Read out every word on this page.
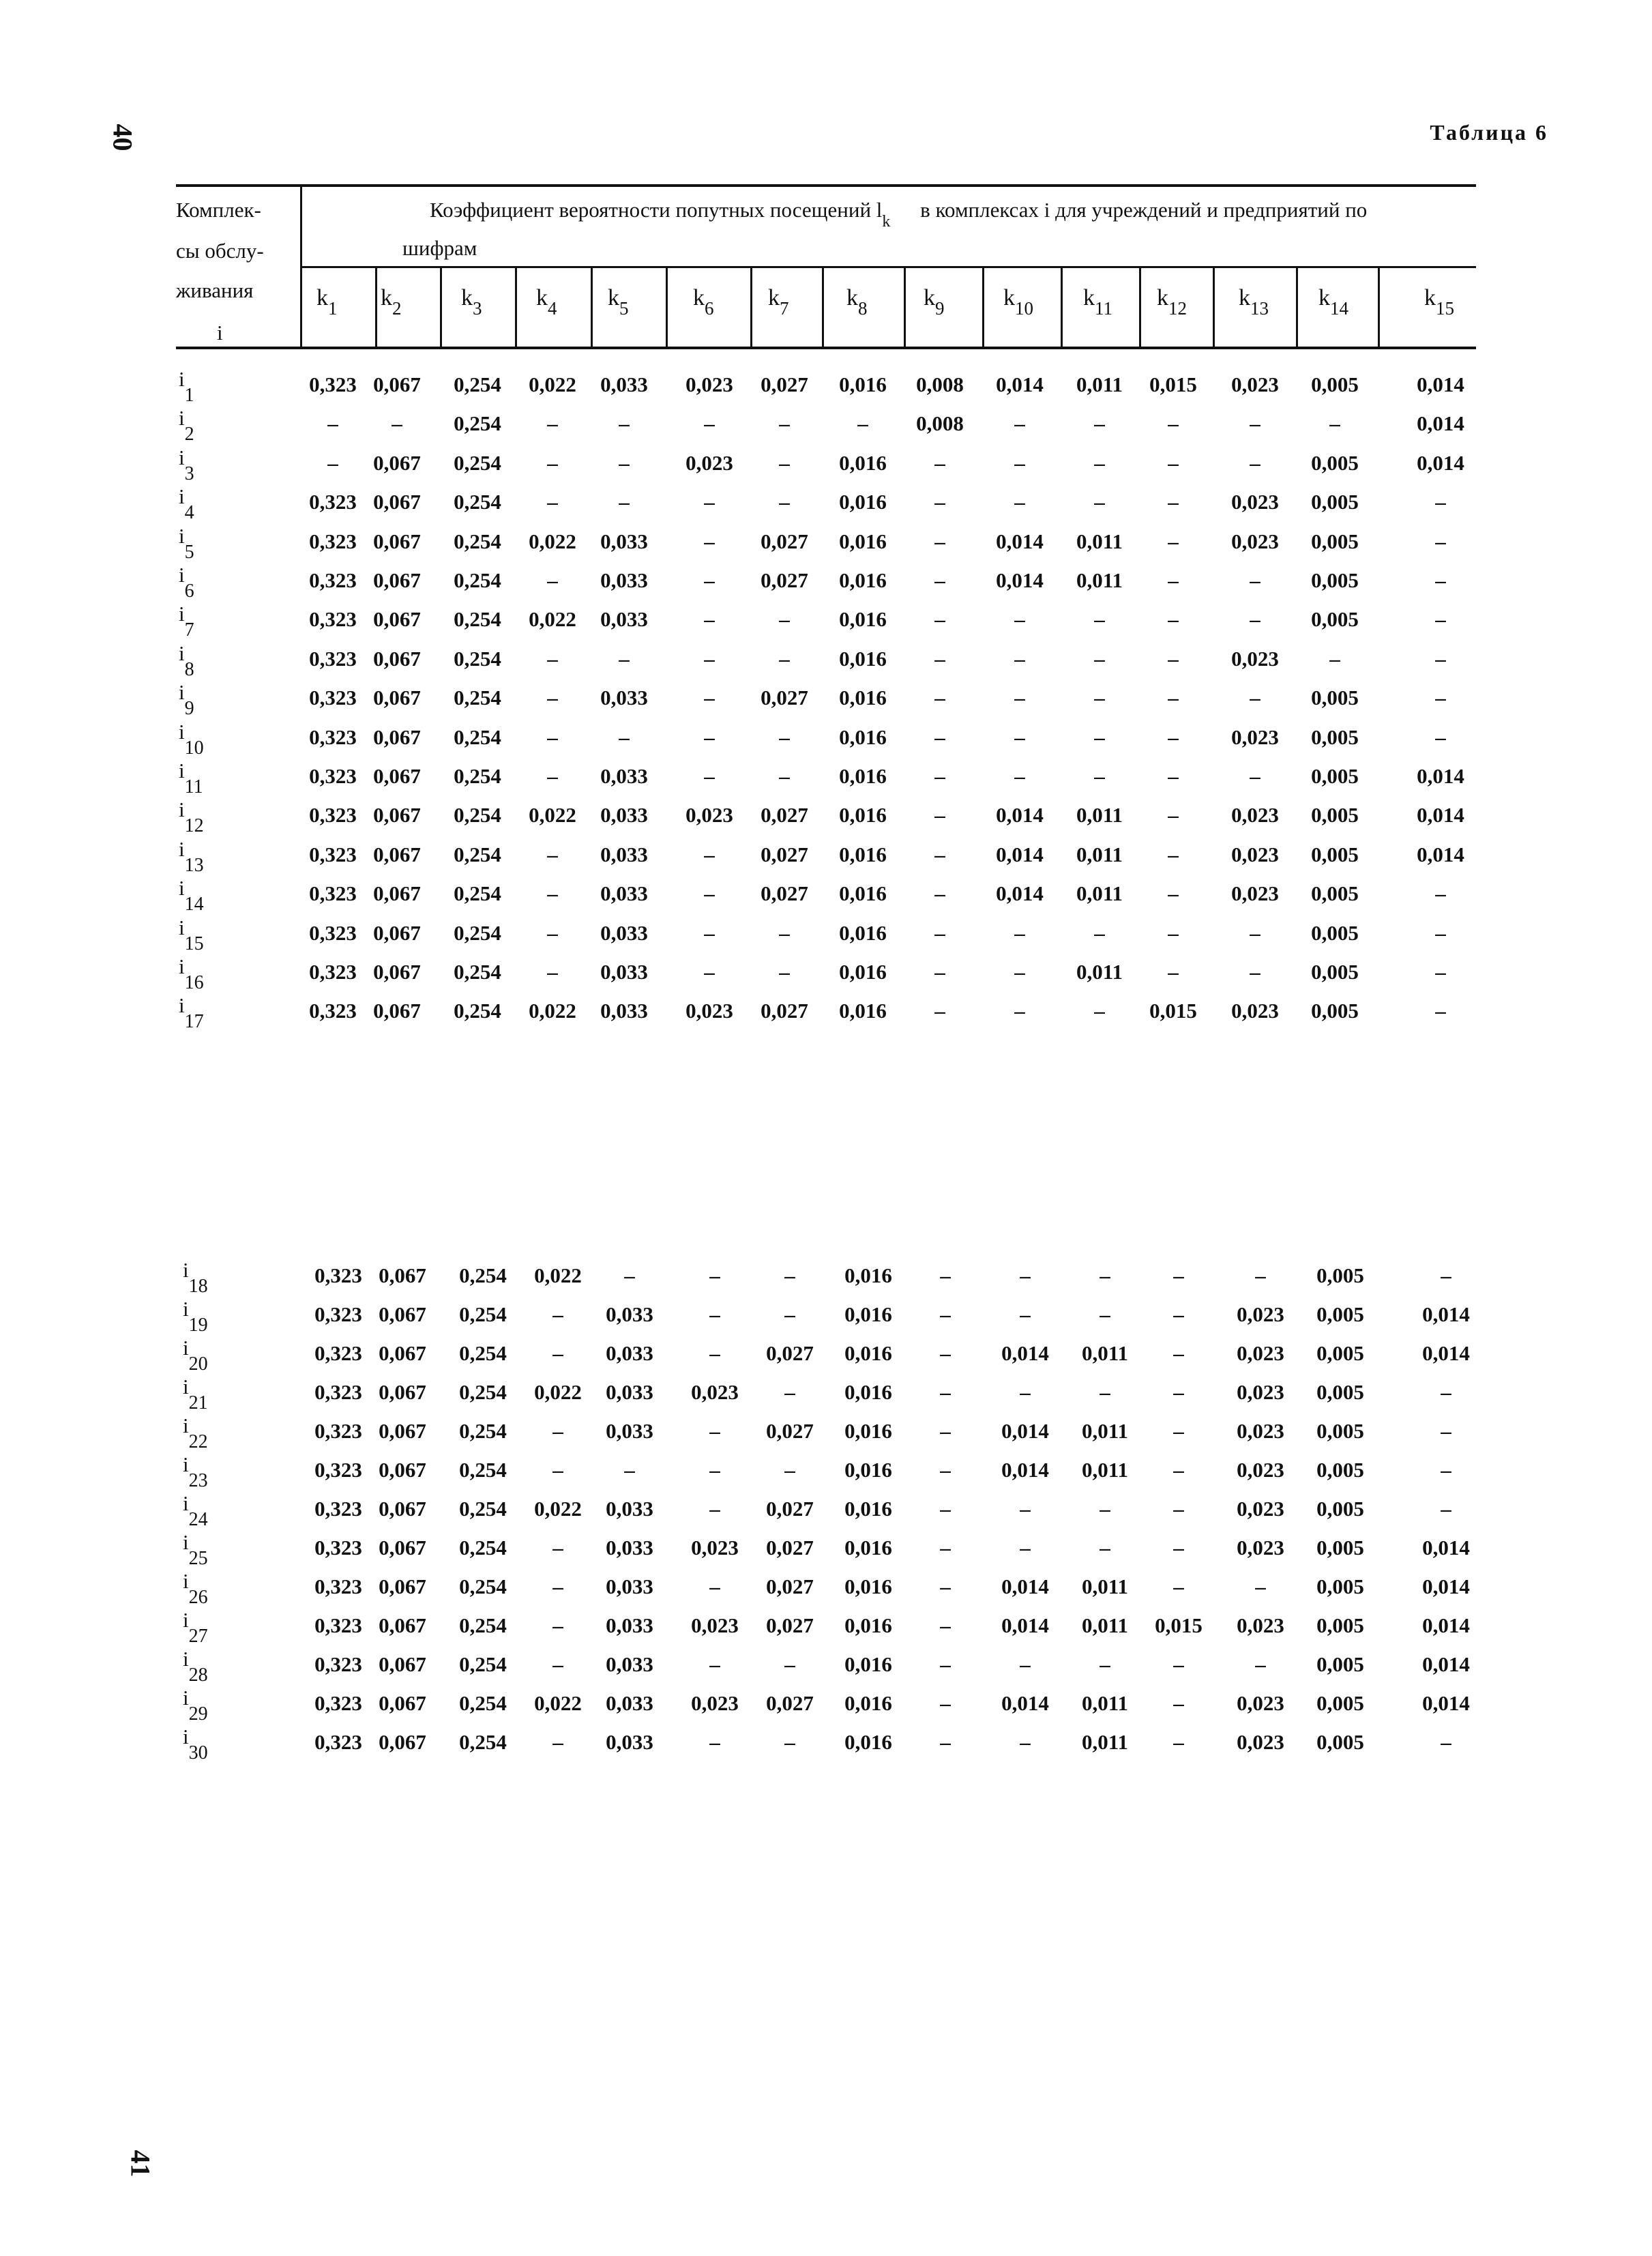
40
41
Таблица 6
Комплек-
сы обслу-
живания
i
Коэффициент вероятности попутных посещений $l_k$ в комплексах i для учреждений и предприятий по
шифрам
$k_1$ $k_2$	$k_3$ $k_4$ $k_5$	$k_6$ $k_7$ $k_8$ $k_9$	$k_{10}$ $k_{11}$ $k_{12}$ $k_{13}$ $k_{14}$	$k_{15}$
$i_1$	0,323 0,067	0,254	0,022	0,033	0,023	0,027	0,016	0,008	0,014	0,011	0,015	0,023	0,005	0,014
$i_2$	–	–	0,254	–	–	–	–	–	0,008	–	–	–	–	–	0,014
$i_3$	–	0,067	0,254	–	–	0,023	–	0,016	–	–	–	–	–	0,005	0,014
$i_4$	0,323 0,067	0,254	–	–	–	–	0,016	–	–	–	–	0,023	0,005	–
$i_5$	0,323 0,067	0,254	0,022	0,033	–	0,027	0,016	–	0,014	0,011	–	0,023	0,005	–
$i_6$	0,323 0,067	0,254	–	0,033	–	0,027	0,016	–	0,014	0,011	–	–	0,005	–
$i_7$	0,323 0,067	0,254	0,022	0,033	–	–	0,016	–	–	–	–	–	0,005	–
$i_8$	0,323 0,067	0,254	–	–	–	–	0,016	–	–	–	–	0,023	–	–
$i_9$	0,323 0,067	0,254	–	0,033	–	0,027	0,016	–	–	–	–	–	0,005	–
$i_{10}$	0,323 0,067	0,254	–	–	–	–	0,016	–	–	–	–	0,023	0,005	–
$i_{11}$	0,323 0,067	0,254	–	0,033	–	–	0,016	–	–	–	–	–	0,005	0,014
$i_{12}$	0,323 0,067	0,254	0,022	0,033	0,023	0,027	0,016	–	0,014	0,011	–	0,023	0,005	0,014
$i_{13}$	0,323 0,067	0,254	–	0,033	–	0,027	0,016	–	0,014	0,011	–	0,023	0,005	0,014
$i_{14}$	0,323 0,067	0,254	–	0,033	–	0,027	0,016	–	0,014	0,011	–	0,023	0,005	–
$i_{15}$	0,323 0,067	0,254	–	0,033	–	–	0,016	–	–	–	–	–	0,005	–
$i_{16}$	0,323 0,067	0,254	–	0,033	–	–	0,016	–	–	0,011	–	–	0,005	–
$i_{17}$	0,323 0,067	0,254	0,022	0,033	0,023	0,027	0,016	–	–	–	0,015	0,023	0,005	–
$i_{18}$	0,323 0,067	0,254	0,022	–	–	–	0,016	–	–	–	–	–	0,005	–
$i_{19}$	0,323 0,067	0,254	–	0,033	–	–	0,016	–	–	–	–	0,023	0,005	0,014
$i_{20}$	0,323 0,067	0,254	–	0,033	–	0,027	0,016	–	0,014	0,011	–	0,023	0,005	0,014
$i_{21}$	0,323 0,067	0,254	0,022	0,033	0,023	–	0,016	–	–	–	–	0,023	0,005	–
$i_{22}$	0,323 0,067	0,254	–	0,033	–	0,027	0,016	–	0,014	0,011	–	0,023	0,005	–
$i_{23}$	0,323 0,067	0,254	–	–	–	–	0,016	–	0,014	0,011	–	0,023	0,005	–
$i_{24}$	0,323 0,067	0,254	0,022	0,033	–	0,027	0,016	–	–	–	–	0,023	0,005	–
$i_{25}$	0,323 0,067	0,254	–	0,033	0,023	0,027	0,016	–	–	–	–	0,023	0,005	0,014
$i_{26}$	0,323 0,067	0,254	–	0,033	–	0,027	0,016	–	0,014	0,011	–	–	0,005	0,014
$i_{27}$	0,323 0,067	0,254	–	0,033	0,023	0,027	0,016	–	0,014	0,011	0,015	0,023	0,005	0,014
$i_{28}$	0,323 0,067	0,254	–	0,033	–	–	0,016	–	–	–	–	–	0,005	0,014
$i_{29}$	0,323 0,067	0,254	0,022	0,033	0,023	0,027	0,016	–	0,014	0,011	–	0,023	0,005	0,014
$i_{30}$	0,323 0,067	0,254	–	0,033	–	–	0,016	–	–	0,011	–	0,023	0,005	–
